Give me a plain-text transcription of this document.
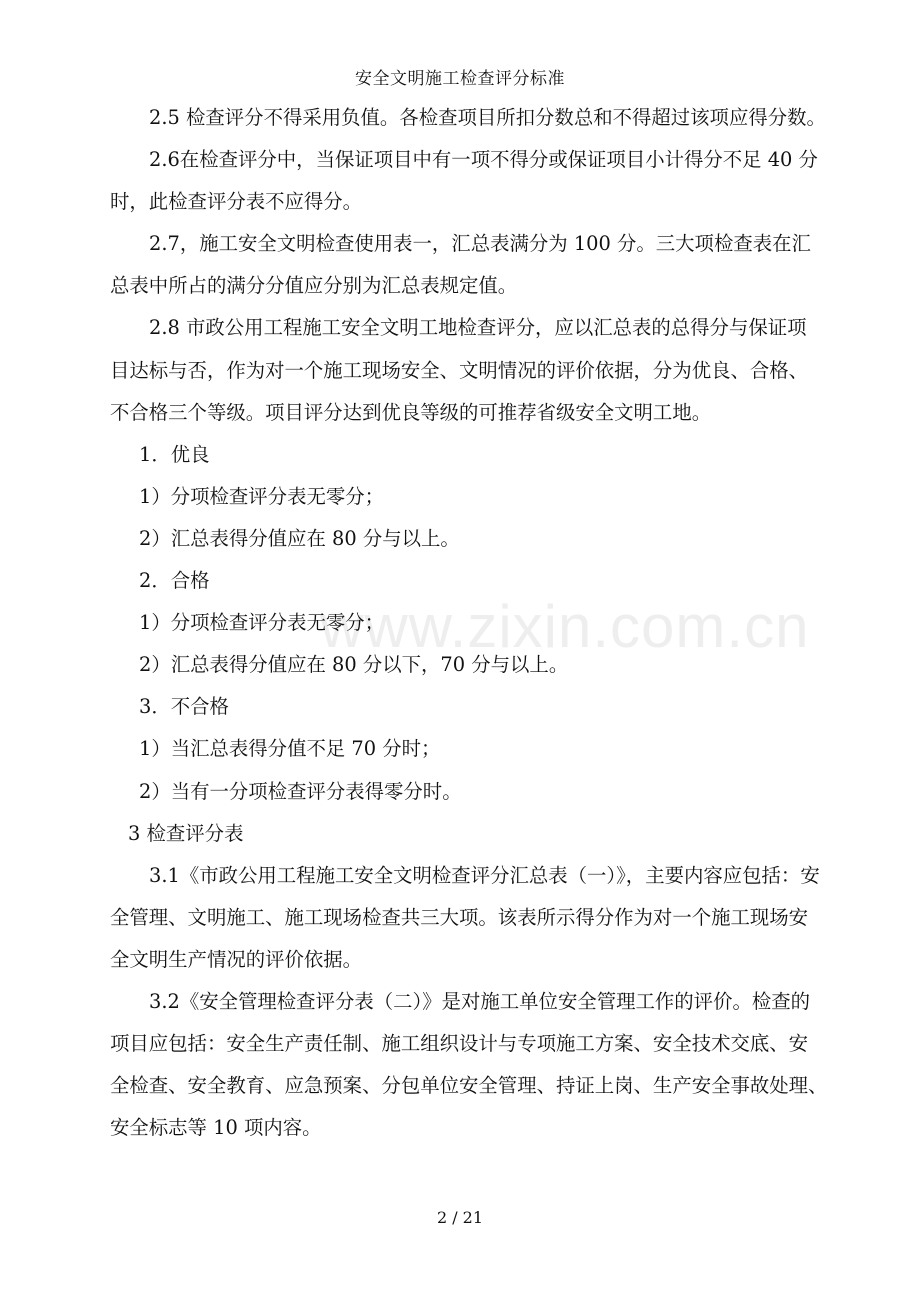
安全文明施工检查评分标准
www.zixin.com.cn
2.5 检查评分不得采用负值。各检查项目所扣分数总和不得超过该项应得分数。
2.6在检查评分中，当保证项目中有一项不得分或保证项目小计得分不足 40 分
时，此检查评分表不应得分。
2.7，施工安全文明检查使用表一，汇总表满分为 100 分。三大项检查表在汇
总表中所占的满分分值应分别为汇总表规定值。
2.8 市政公用工程施工安全文明工地检查评分，应以汇总表的总得分与保证项
目达标与否，作为对一个施工现场安全、文明情况的评价依据，分为优良、合格、
不合格三个等级。项目评分达到优良等级的可推荐省级安全文明工地。
1．优良
1）分项检查评分表无零分；
2）汇总表得分值应在 80 分与以上。
2．合格
1）分项检查评分表无零分；
2）汇总表得分值应在 80 分以下，70 分与以上。
3．不合格
1）当汇总表得分值不足 70 分时；
2）当有一分项检查评分表得零分时。
3 检查评分表
3.1《市政公用工程施工安全文明检查评分汇总表（一）》，主要内容应包括：安
全管理、文明施工、施工现场检查共三大项。该表所示得分作为对一个施工现场安
全文明生产情况的评价依据。
3.2《安全管理检查评分表（二）》是对施工单位安全管理工作的评价。检查的
项目应包括：安全生产责任制、施工组织设计与专项施工方案、安全技术交底、安
全检查、安全教育、应急预案、分包单位安全管理、持证上岗、生产安全事故处理、
安全标志等 10 项内容。
2 / 21
